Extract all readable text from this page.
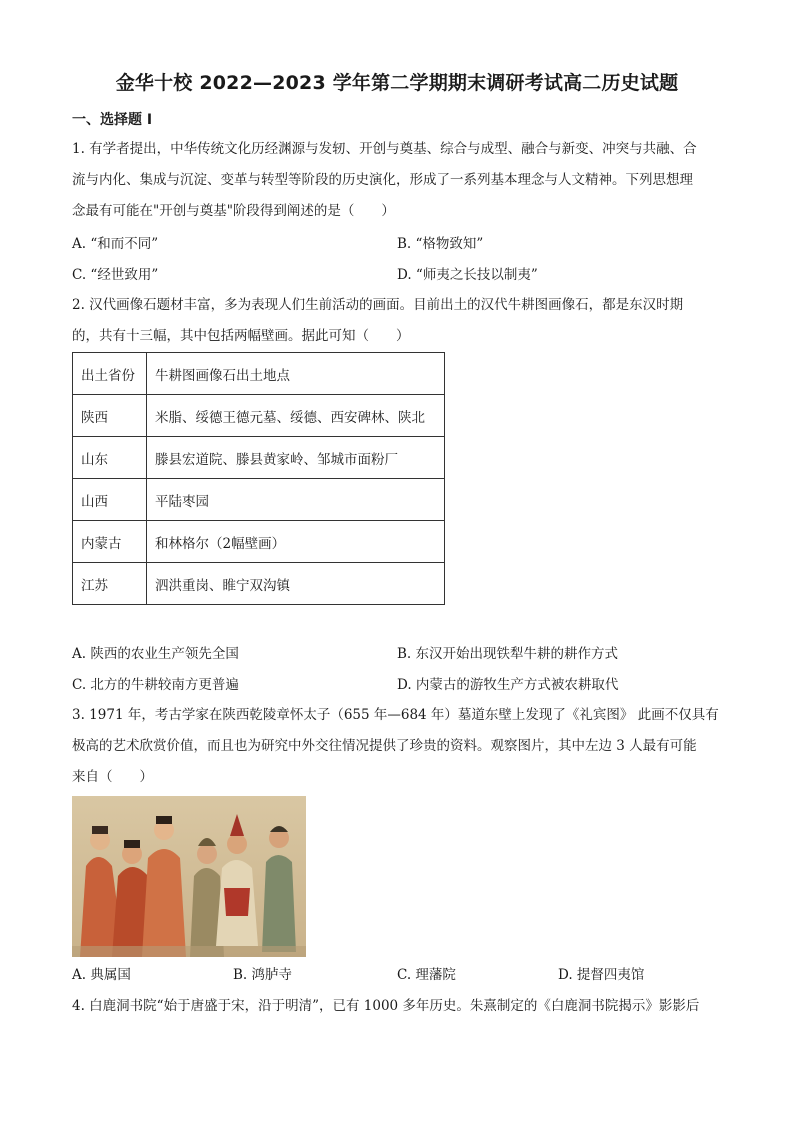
金华十校 2022—2023 学年第二学期期末调研考试高二历史试题
一、选择题 I
1. 有学者提出，中华传统文化历经渊源与发轫、开创与奠基、综合与成型、融合与新变、冲突与共融、合
流与内化、集成与沉淀、变革与转型等阶段的历史演化，形成了一系列基本理念与人文精神。下列思想理
念最有可能在"开创与奠基"阶段得到阐述的是（　　）
A. “和而不同”	B. “格物致知”
C. “经世致用”	D. “师夷之长技以制夷”
2. 汉代画像石题材丰富，多为表现人们生前活动的画面。目前出土的汉代牛耕图画像石，都是东汉时期
的，共有十三幅，其中包括两幅壁画。据此可知（　　）
出土省份	牛耕图画像石出土地点
陕西	米脂、绥德王德元墓、绥德、西安碑林、陕北
山东	滕县宏道院、滕县黄家岭、邹城市面粉厂
山西	平陆枣园
内蒙古	和林格尔（2幅壁画）
江苏	泗洪重岗、睢宁双沟镇
A. 陕西的农业生产领先全国	B. 东汉开始出现铁犁牛耕的耕作方式
C. 北方的牛耕较南方更普遍	D. 内蒙古的游牧生产方式被农耕取代
3. 1971 年，考古学家在陕西乾陵章怀太子（655 年—684 年）墓道东壁上发现了《礼宾图》 此画不仅具有
极高的艺术欣赏价值，而且也为研究中外交往情况提供了珍贵的资料。观察图片，其中左边 3 人最有可能
来自（　　）
A. 典属国	B. 鸿胪寺	C. 理藩院	D. 提督四夷馆
4. 白鹿洞书院“始于唐盛于宋，沿于明清”，已有 1000 多年历史。朱熹制定的《白鹿洞书院揭示》影影后
